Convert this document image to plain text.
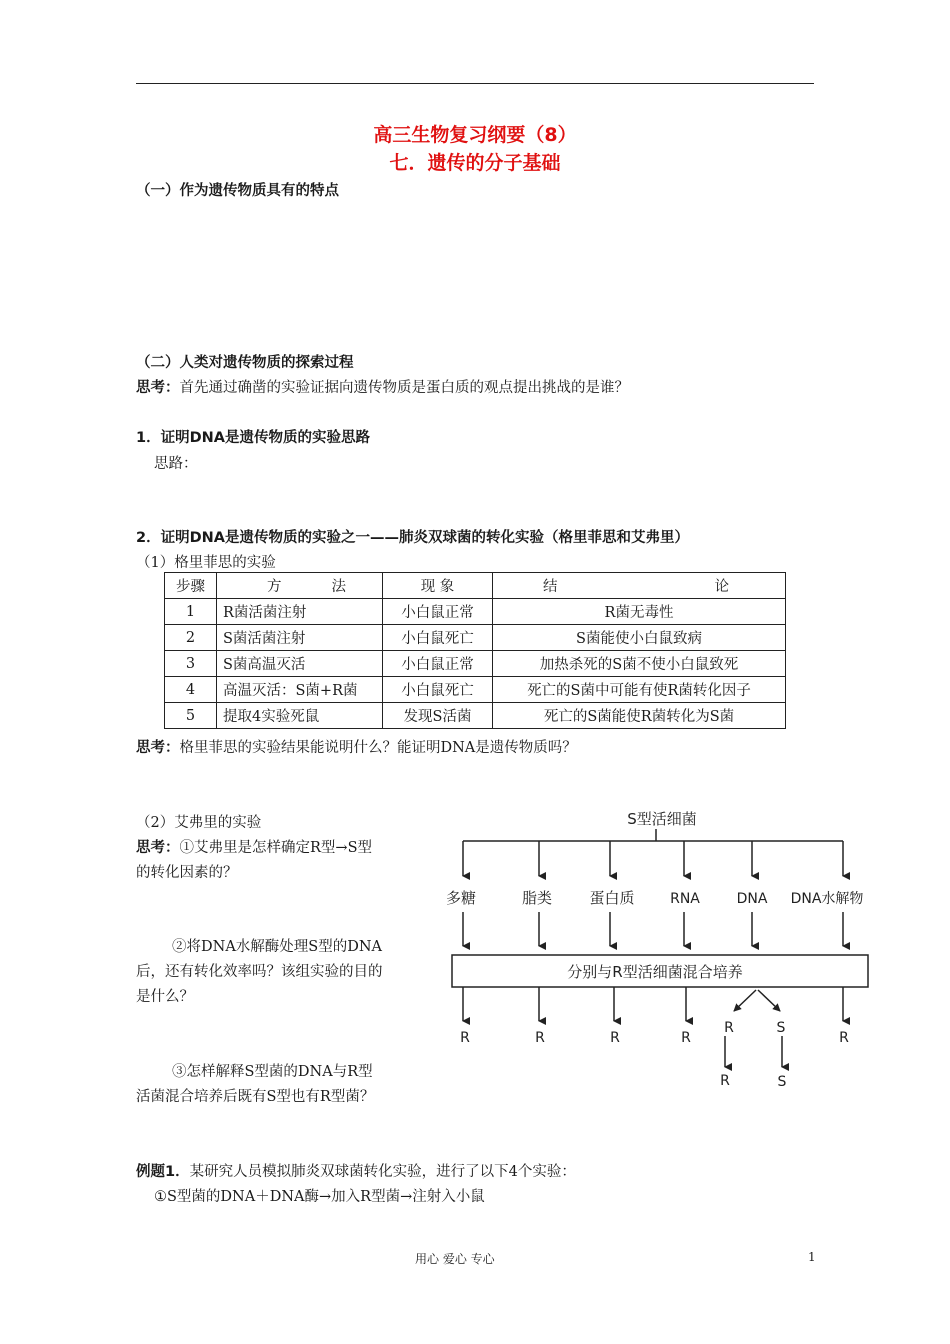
高三生物复习纲要（8）
七．遗传的分子基础
（一）作为遗传物质具有的特点
（二）人类对遗传物质的探索过程
思考：首先通过确凿的实验证据向遗传物质是蛋白质的观点提出挑战的是谁？
1．证明DNA是遗传物质的实验思路
思路：
2．证明DNA是遗传物质的实验之一——肺炎双球菌的转化实验（格里菲思和艾弗里）
（1）格里菲思的实验
步骤	方 法	现 象	结 论

1	R菌活菌注射	小白鼠正常	R菌无毒性
2	S菌活菌注射	小白鼠死亡	S菌能使小白鼠致病
3	S菌高温灭活	小白鼠正常	加热杀死的S菌不使小白鼠致死
4	高温灭活：S菌+R菌	小白鼠死亡	死亡的S菌中可能有使R菌转化因子
5	提取4实验死鼠	发现S活菌	死亡的S菌能使R菌转化为S菌
思考：格里菲思的实验结果能说明什么？能证明DNA是遗传物质吗？
（2）艾弗里的实验
思考：①艾弗里是怎样确定R型→S型
的转化因素的？
②将DNA水解酶处理S型的DNA
后，还有转化效率吗？该组实验的目的
是什么？
③怎样解释S型菌的DNA与R型
活菌混合培养后既有S型也有R型菌？
S型活细菌
多糖	脂类 蛋白质	RNA	DNA DNA水解物
分别与R型活细菌混合培养
R	R	R	R
R	S
R
R	S
例题1．某研究人员模拟肺炎双球菌转化实验，进行了以下4个实验：
①S型菌的DNA＋DNA酶→加入R型菌→注射入小鼠
用心 爱心 专心	1
